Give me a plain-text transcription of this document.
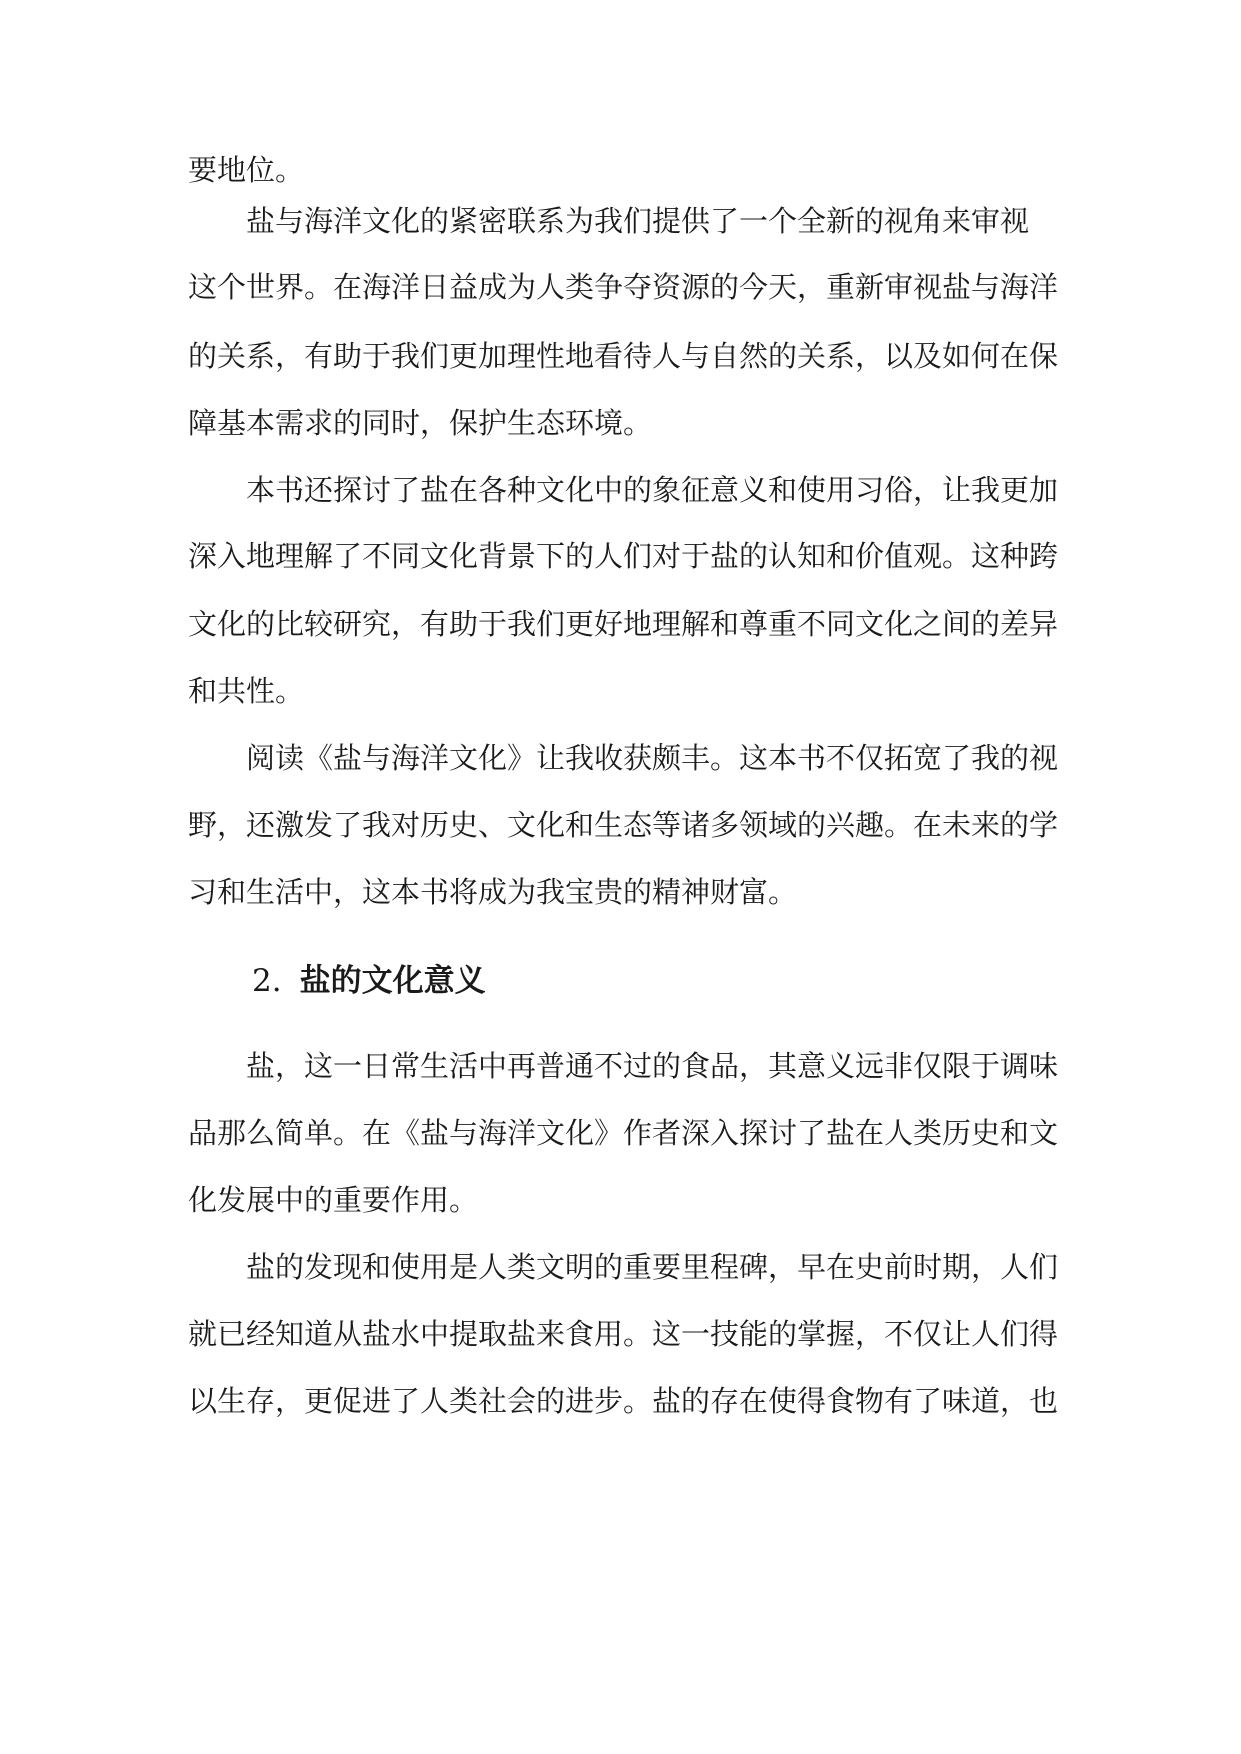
要地位。
盐与海洋文化的紧密联系为我们提供了一个全新的视角来审视
这个世界。在海洋日益成为人类争夺资源的今天，重新审视盐与海洋
的关系，有助于我们更加理性地看待人与自然的关系，以及如何在保
障基本需求的同时，保护生态环境。
本书还探讨了盐在各种文化中的象征意义和使用习俗，让我更加
深入地理解了不同文化背景下的人们对于盐的认知和价值观。这种跨
文化的比较研究，有助于我们更好地理解和尊重不同文化之间的差异
和共性。
阅读《盐与海洋文化》让我收获颇丰。这本书不仅拓宽了我的视
野，还激发了我对历史、文化和生态等诸多领域的兴趣。在未来的学
习和生活中，这本书将成为我宝贵的精神财富。
2. 盐的文化意义
盐，这一日常生活中再普通不过的食品，其意义远非仅限于调味
品那么简单。在《盐与海洋文化》作者深入探讨了盐在人类历史和文
化发展中的重要作用。
盐的发现和使用是人类文明的重要里程碑，早在史前时期，人们
就已经知道从盐水中提取盐来食用。这一技能的掌握，不仅让人们得
以生存，更促进了人类社会的进步。盐的存在使得食物有了味道，也
